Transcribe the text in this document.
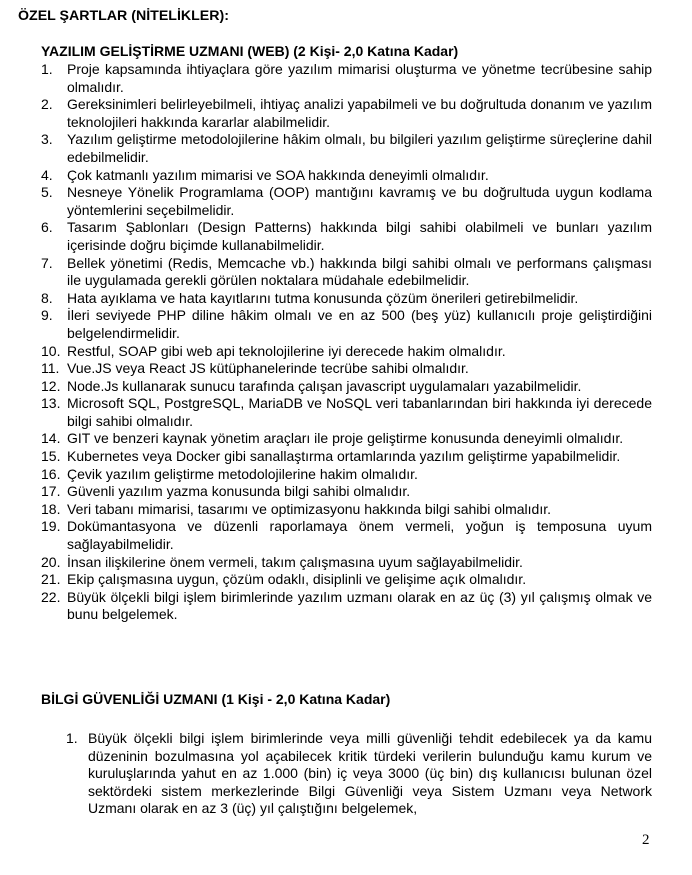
ÖZEL ŞARTLAR (NİTELİKLER):
YAZILIM GELİŞTİRME UZMANI (WEB) (2 Kişi- 2,0 Katına Kadar)
1. Proje kapsamında ihtiyaçlara göre yazılım mimarisi oluşturma ve yönetme tecrübesine sahip olmalıdır.
2. Gereksinimleri belirleyebilmeli, ihtiyaç analizi yapabilmeli ve bu doğrultuda donanım ve yazılım teknolojileri hakkında kararlar alabilmelidir.
3. Yazılım geliştirme metodolojilerine hâkim olmalı, bu bilgileri yazılım geliştirme süreçlerine dahil edebilmelidir.
4. Çok katmanlı yazılım mimarisi ve SOA hakkında deneyimli olmalıdır.
5. Nesneye Yönelik Programlama (OOP) mantığını kavramış ve bu doğrultuda uygun kodlama yöntemlerini seçebilmelidir.
6. Tasarım Şablonları (Design Patterns) hakkında bilgi sahibi olabilmeli ve bunları yazılım içerisinde doğru biçimde kullanabilmelidir.
7. Bellek yönetimi (Redis, Memcache vb.) hakkında bilgi sahibi olmalı ve performans çalışması ile uygulamada gerekli görülen noktalara müdahale edebilmelidir.
8. Hata ayıklama ve hata kayıtlarını tutma konusunda çözüm önerileri getirebilmelidir.
9. İleri seviyede PHP diline hâkim olmalı ve en az 500 (beş yüz) kullanıcılı proje geliştirdiğini belgelendirmelidir.
10. Restful, SOAP gibi web api teknolojilerine iyi derecede hakim olmalıdır.
11. Vue.JS veya React JS kütüphanelerinde tecrübe sahibi olmalıdır.
12. Node.Js kullanarak sunucu tarafında çalışan javascript uygulamaları yazabilmelidir.
13. Microsoft SQL, PostgreSQL, MariaDB ve NoSQL veri tabanlarından biri hakkında iyi derecede bilgi sahibi olmalıdır.
14. GIT ve benzeri kaynak yönetim araçları ile proje geliştirme konusunda deneyimli olmalıdır.
15. Kubernetes veya Docker gibi sanallaştırma ortamlarında yazılım geliştirme yapabilmelidir.
16. Çevik yazılım geliştirme metodolojilerine hakim olmalıdır.
17. Güvenli yazılım yazma konusunda bilgi sahibi olmalıdır.
18. Veri tabanı mimarisi, tasarımı ve optimizasyonu hakkında bilgi sahibi olmalıdır.
19. Dokümantasyona ve düzenli raporlamaya önem vermeli, yoğun iş temposuna uyum sağlayabilmelidir.
20. İnsan ilişkilerine önem vermeli, takım çalışmasına uyum sağlayabilmelidir.
21. Ekip çalışmasına uygun, çözüm odaklı, disiplinli ve gelişime açık olmalıdır.
22. Büyük ölçekli bilgi işlem birimlerinde yazılım uzmanı olarak en az üç (3) yıl çalışmış olmak ve bunu belgelemek.
BİLGİ GÜVENLİĞİ UZMANI (1 Kişi - 2,0 Katına Kadar)
1. Büyük ölçekli bilgi işlem birimlerinde veya milli güvenliği tehdit edebilecek ya da kamu düzeninin bozulmasına yol açabilecek kritik türdeki verilerin bulunduğu kamu kurum ve kuruluşlarında yahut en az 1.000 (bin) iç veya 3000 (üç bin) dış kullanıcısı bulunan özel sektördeki sistem merkezlerinde Bilgi Güvenliği veya Sistem Uzmanı veya Network Uzmanı olarak en az 3 (üç) yıl çalıştığını belgelemek,
2
